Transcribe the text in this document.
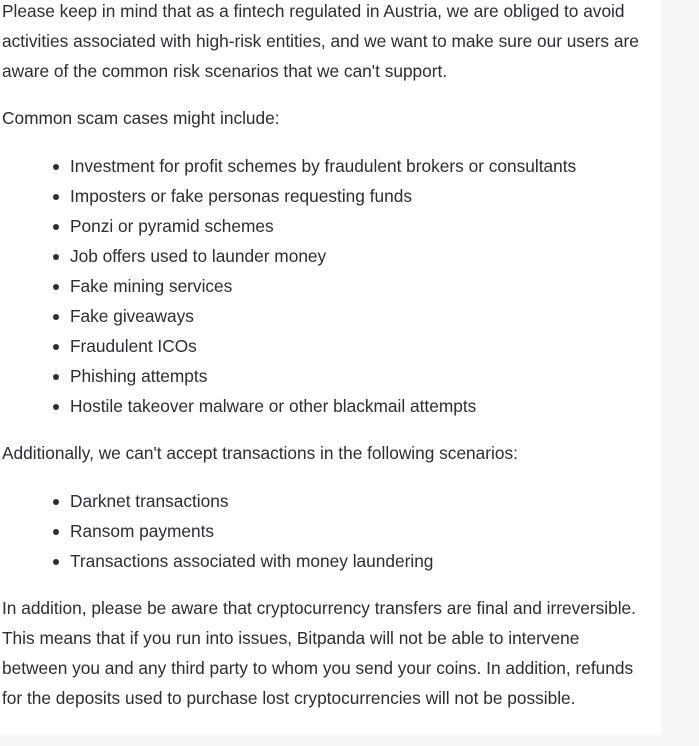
Please keep in mind that as a fintech regulated in Austria, we are obliged to avoid activities associated with high-risk entities, and we want to make sure our users are aware of the common risk scenarios that we can't support.

Common scam cases might include:

Investment for profit schemes by fraudulent brokers or consultants
Imposters or fake personas requesting funds
Ponzi or pyramid schemes
Job offers used to launder money
Fake mining services
Fake giveaways
Fraudulent ICOs
Phishing attempts
Hostile takeover malware or other blackmail attempts

Additionally, we can't accept transactions in the following scenarios:

Darknet transactions
Ransom payments
Transactions associated with money laundering

In addition, please be aware that cryptocurrency transfers are final and irreversible. This means that if you run into issues, Bitpanda will not be able to intervene between you and any third party to whom you send your coins. In addition, refunds for the deposits used to purchase lost cryptocurrencies will not be possible.
